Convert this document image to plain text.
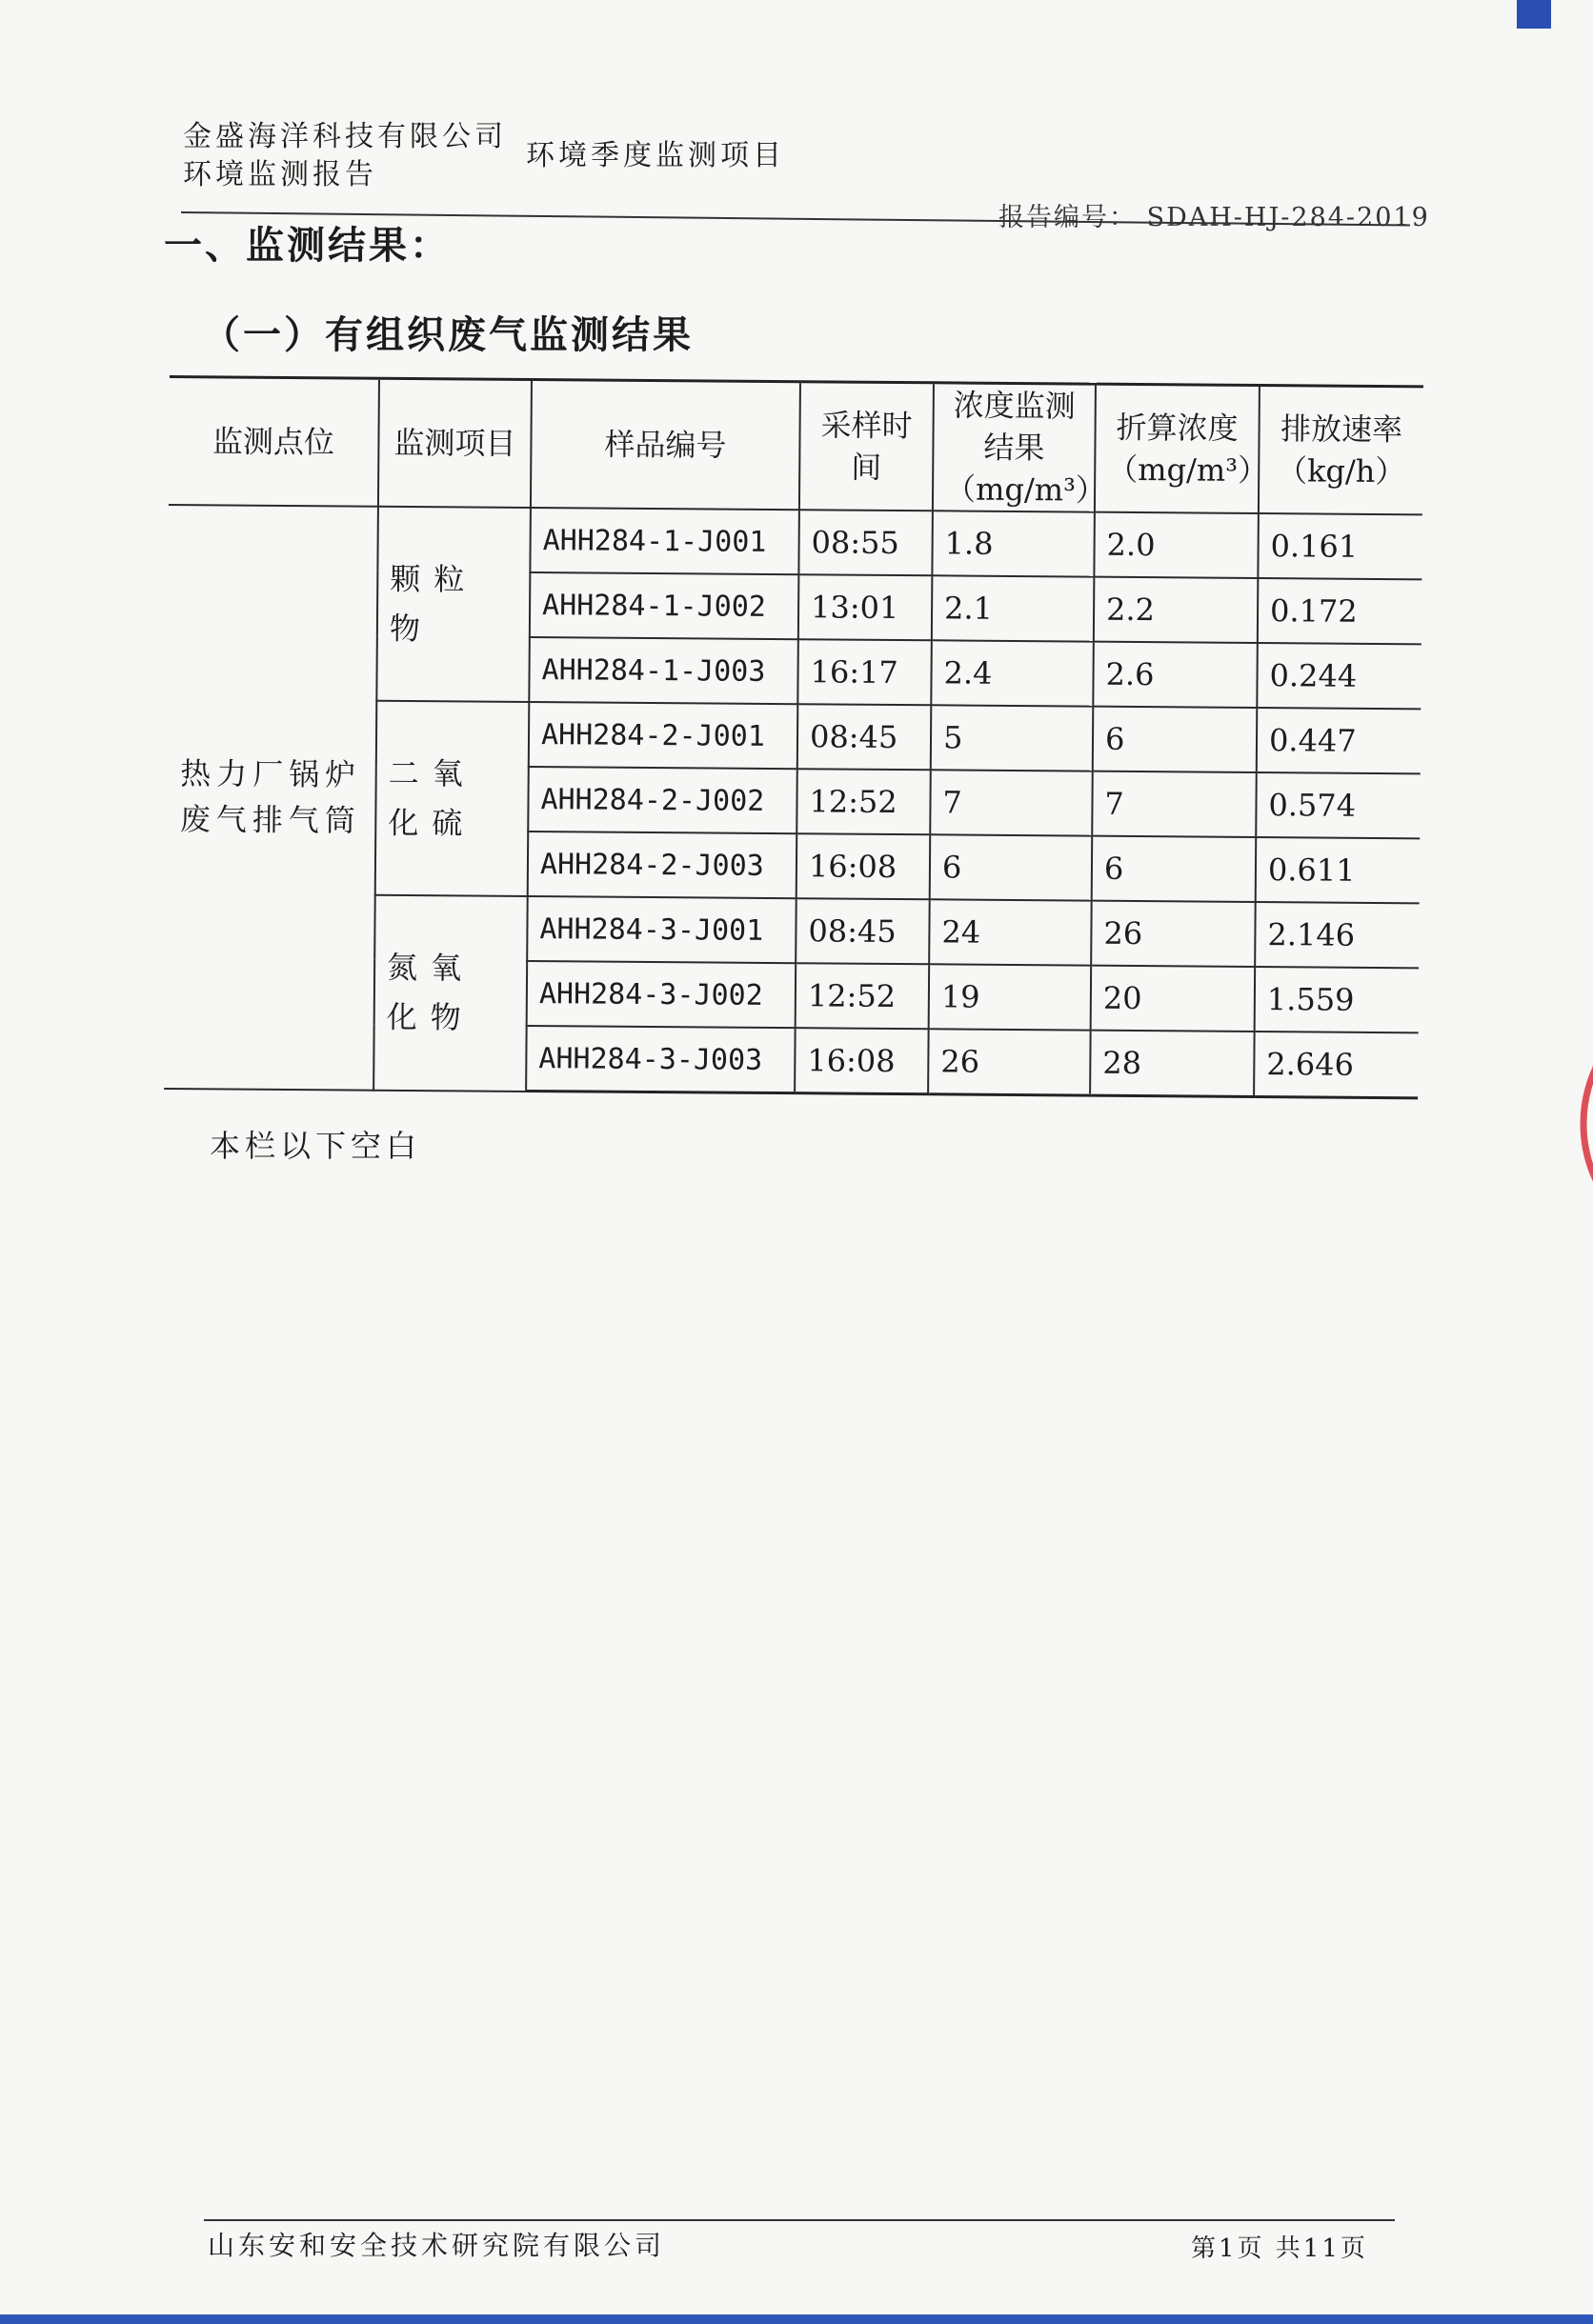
金盛海洋科技有限公司
环境季度监测项目
环境监测报告
报告编号： SDAH-HJ-284-2019
一、监测结果：
（一）有组织废气监测结果
监测点位	监测项目	样品编号	采样时间	浓度监测结果（mg/m³）	折算浓度（mg/m³）	排放速率（kg/h）
热力厂锅炉废气排气筒	颗粒物	AHH284-1-J001	08:55	1.8	2.0	0.161
		AHH284-1-J002	13:01	2.1	2.2	0.172
		AHH284-1-J003	16:17	2.4	2.6	0.244
	二氧化硫	AHH284-2-J001	08:45	5	6	0.447
		AHH284-2-J002	12:52	7	7	0.574
		AHH284-2-J003	16:08	6	6	0.611
	氮氧化物	AHH284-3-J001	08:45	24	26	2.146
		AHH284-3-J002	12:52	19	20	1.559
		AHH284-3-J003	16:08	26	28	2.646
本栏以下空白
山东安和安全技术研究院有限公司	第1页 共11页
